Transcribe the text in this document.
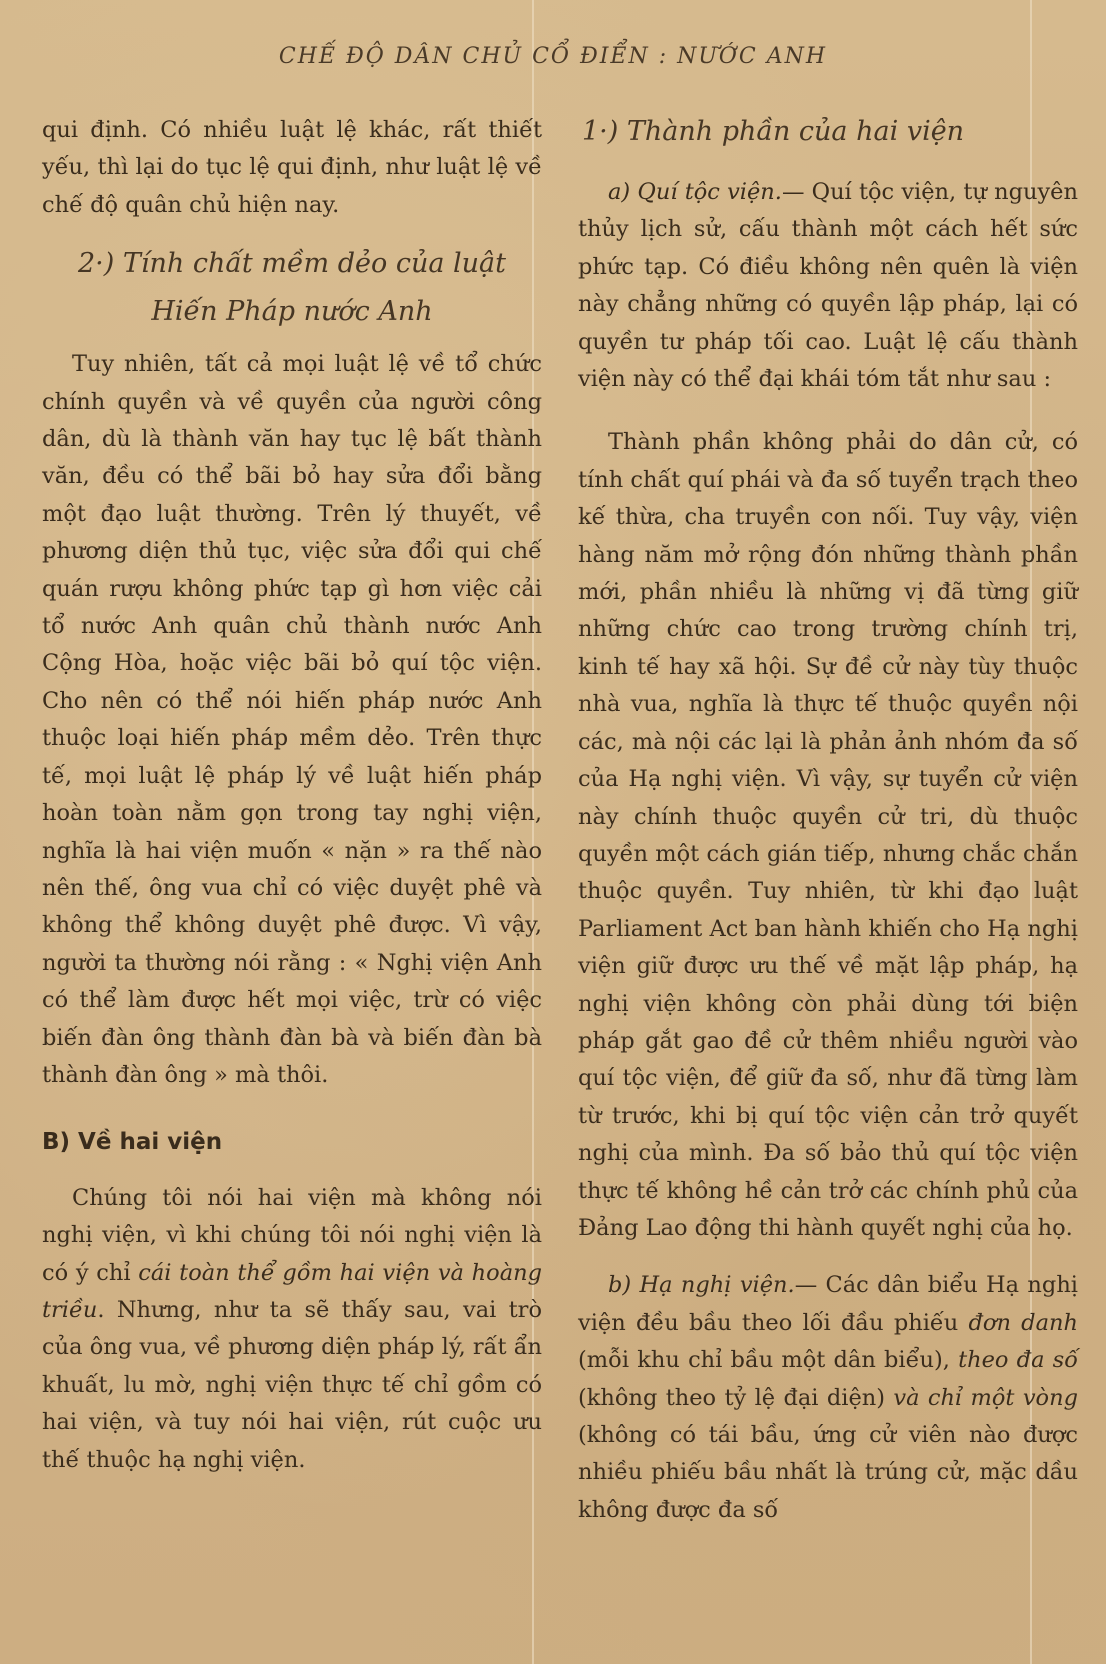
CHẾ ĐỘ DÂN CHỦ CỔ ĐIỂN : NƯỚC ANH

qui định. Có nhiều luật lệ khác, rất thiết yếu, thì lại do tục lệ qui định, như luật lệ về chế độ quân chủ hiện nay.

2·) Tính chất mềm dẻo của luật Hiến Pháp nước Anh

Tuy nhiên, tất cả mọi luật lệ về tổ chức chính quyền và về quyền của người công dân, dù là thành văn hay tục lệ bất thành văn, đều có thể bãi bỏ hay sửa đổi bằng một đạo luật thường. Trên lý thuyết, về phương diện thủ tục, việc sửa đổi qui chế quán rượu không phức tạp gì hơn việc cải tổ nước Anh quân chủ thành nước Anh Cộng Hòa, hoặc việc bãi bỏ quí tộc viện. Cho nên có thể nói hiến pháp nước Anh thuộc loại hiến pháp mềm dẻo. Trên thực tế, mọi luật lệ pháp lý về luật hiến pháp hoàn toàn nằm gọn trong tay nghị viện, nghĩa là hai viện muốn « nặn » ra thế nào nên thế, ông vua chỉ có việc duyệt phê và không thể không duyệt phê được. Vì vậy, người ta thường nói rằng : « Nghị viện Anh có thể làm được hết mọi việc, trừ có việc biến đàn ông thành đàn bà và biến đàn bà thành đàn ông » mà thôi.

B) Về hai viện

Chúng tôi nói hai viện mà không nói nghị viện, vì khi chúng tôi nói nghị viện là có ý chỉ cái toàn thể gồm hai viện và hoàng triều. Nhưng, như ta sẽ thấy sau, vai trò của ông vua, về phương diện pháp lý, rất ẩn khuất, lu mờ, nghị viện thực tế chỉ gồm có hai viện, và tuy nói hai viện, rút cuộc ưu thế thuộc hạ nghị viện.

1·) Thành phần của hai viện

a) Quí tộc viện.— Quí tộc viện, tự nguyên thủy lịch sử, cấu thành một cách hết sức phức tạp. Có điều không nên quên là viện này chẳng những có quyền lập pháp, lại có quyền tư pháp tối cao. Luật lệ cấu thành viện này có thể đại khái tóm tắt như sau :

Thành phần không phải do dân cử, có tính chất quí phái và đa số tuyển trạch theo kế thừa, cha truyền con nối. Tuy vậy, viện hàng năm mở rộng đón những thành phần mới, phần nhiều là những vị đã từng giữ những chức cao trong trường chính trị, kinh tế hay xã hội. Sự đề cử này tùy thuộc nhà vua, nghĩa là thực tế thuộc quyền nội các, mà nội các lại là phản ảnh nhóm đa số của Hạ nghị viện. Vì vậy, sự tuyển cử viện này chính thuộc quyền cử tri, dù thuộc quyền một cách gián tiếp, nhưng chắc chắn thuộc quyền. Tuy nhiên, từ khi đạo luật Parliament Act ban hành khiến cho Hạ nghị viện giữ được ưu thế về mặt lập pháp, hạ nghị viện không còn phải dùng tới biện pháp gắt gao đề cử thêm nhiều người vào quí tộc viện, để giữ đa số, như đã từng làm từ trước, khi bị quí tộc viện cản trở quyết nghị của mình. Đa số bảo thủ quí tộc viện thực tế không hề cản trở các chính phủ của Đảng Lao động thi hành quyết nghị của họ.

b) Hạ nghị viện.— Các dân biểu Hạ nghị viện đều bầu theo lối đầu phiếu đơn danh (mỗi khu chỉ bầu một dân biểu), theo đa số (không theo tỷ lệ đại diện) và chỉ một vòng (không có tái bầu, ứng cử viên nào được nhiều phiếu bầu nhất là trúng cử, mặc dầu không được đa số
